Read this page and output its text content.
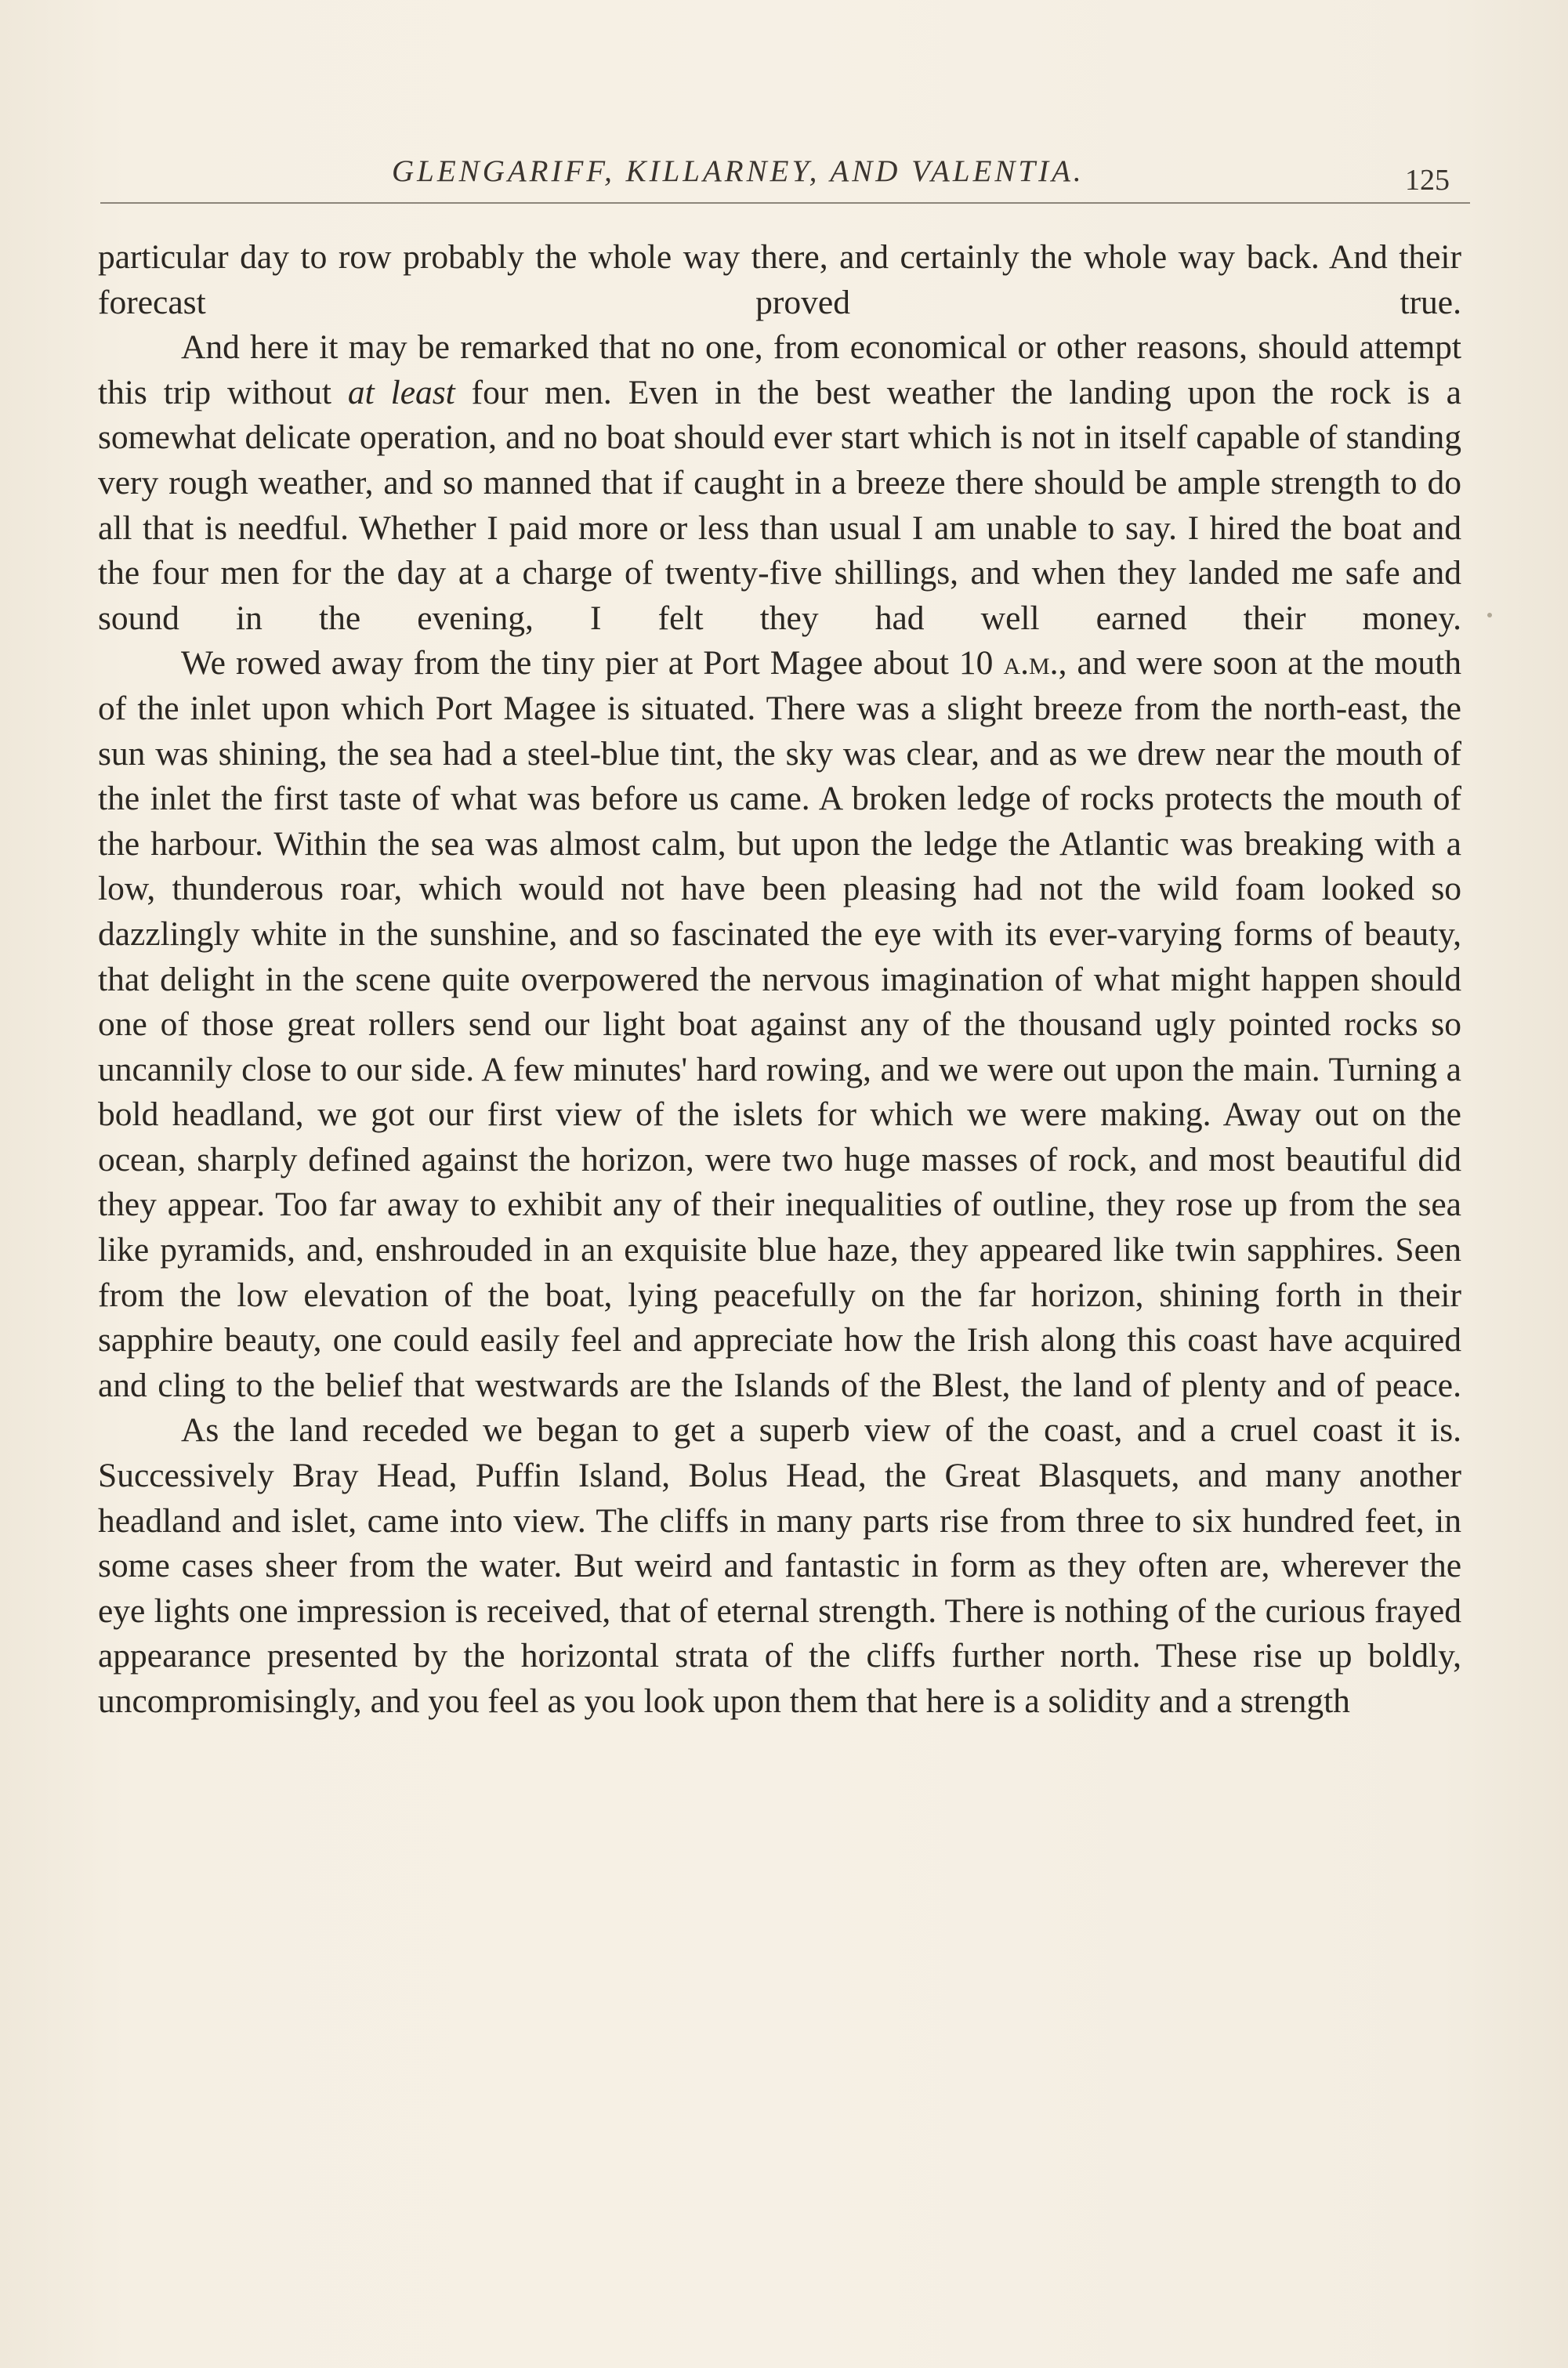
GLENGARIFF, KILLARNEY, AND VALENTIA.	125

particular day to row probably the whole way there, and certainly the whole way back. And their forecast proved true.

And here it may be remarked that no one, from economical or other reasons, should attempt this trip without at least four men. Even in the best weather the landing upon the rock is a somewhat delicate operation, and no boat should ever start which is not in itself capable of standing very rough weather, and so manned that if caught in a breeze there should be ample strength to do all that is needful. Whether I paid more or less than usual I am unable to say. I hired the boat and the four men for the day at a charge of twenty-five shillings, and when they landed me safe and sound in the evening, I felt they had well earned their money.

We rowed away from the tiny pier at Port Magee about 10 a.m., and were soon at the mouth of the inlet upon which Port Magee is situated. There was a slight breeze from the north-east, the sun was shining, the sea had a steel-blue tint, the sky was clear, and as we drew near the mouth of the inlet the first taste of what was before us came. A broken ledge of rocks protects the mouth of the harbour. Within the sea was almost calm, but upon the ledge the Atlantic was breaking with a low, thunderous roar, which would not have been pleasing had not the wild foam looked so dazzlingly white in the sunshine, and so fascinated the eye with its ever-varying forms of beauty, that delight in the scene quite overpowered the nervous imagination of what might happen should one of those great rollers send our light boat against any of the thousand ugly pointed rocks so uncannily close to our side. A few minutes' hard rowing, and we were out upon the main. Turning a bold headland, we got our first view of the islets for which we were making. Away out on the ocean, sharply defined against the horizon, were two huge masses of rock, and most beautiful did they appear. Too far away to exhibit any of their inequalities of outline, they rose up from the sea like pyramids, and, enshrouded in an exquisite blue haze, they appeared like twin sapphires. Seen from the low elevation of the boat, lying peacefully on the far horizon, shining forth in their sapphire beauty, one could easily feel and appreciate how the Irish along this coast have acquired and cling to the belief that westwards are the Islands of the Blest, the land of plenty and of peace.

As the land receded we began to get a superb view of the coast, and a cruel coast it is. Successively Bray Head, Puffin Island, Bolus Head, the Great Blasquets, and many another headland and islet, came into view. The cliffs in many parts rise from three to six hundred feet, in some cases sheer from the water. But weird and fantastic in form as they often are, wherever the eye lights one impression is received, that of eternal strength. There is nothing of the curious frayed appearance presented by the horizontal strata of the cliffs further north. These rise up boldly, uncompromisingly, and you feel as you look upon them that here is a solidity and a strength
